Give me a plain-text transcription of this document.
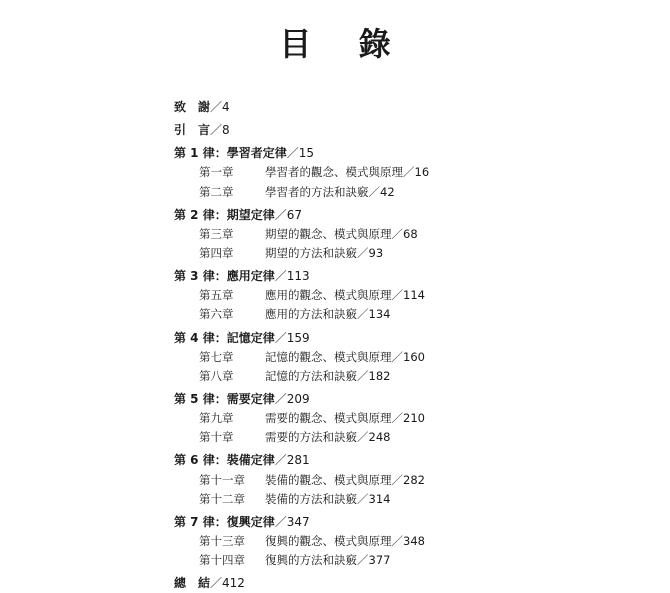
目 錄
致　謝／4
引　言／8
第 1 律：學習者定律／15
第一章	學習者的觀念、模式與原理／16
第二章	學習者的方法和訣竅／42
第 2 律：期望定律／67
第三章	期望的觀念、模式與原理／68
第四章	期望的方法和訣竅／93
第 3 律：應用定律／113
第五章	應用的觀念、模式與原理／114
第六章	應用的方法和訣竅／134
第 4 律：記憶定律／159
第七章	記憶的觀念、模式與原理／160
第八章	記憶的方法和訣竅／182
第 5 律：需要定律／209
第九章	需要的觀念、模式與原理／210
第十章	需要的方法和訣竅／248
第 6 律：裝備定律／281
第十一章 裝備的觀念、模式與原理／282
第十二章 裝備的方法和訣竅／314
第 7 律：復興定律／347
第十三章 復興的觀念、模式與原理／348
第十四章 復興的方法和訣竅／377
總　結／412
